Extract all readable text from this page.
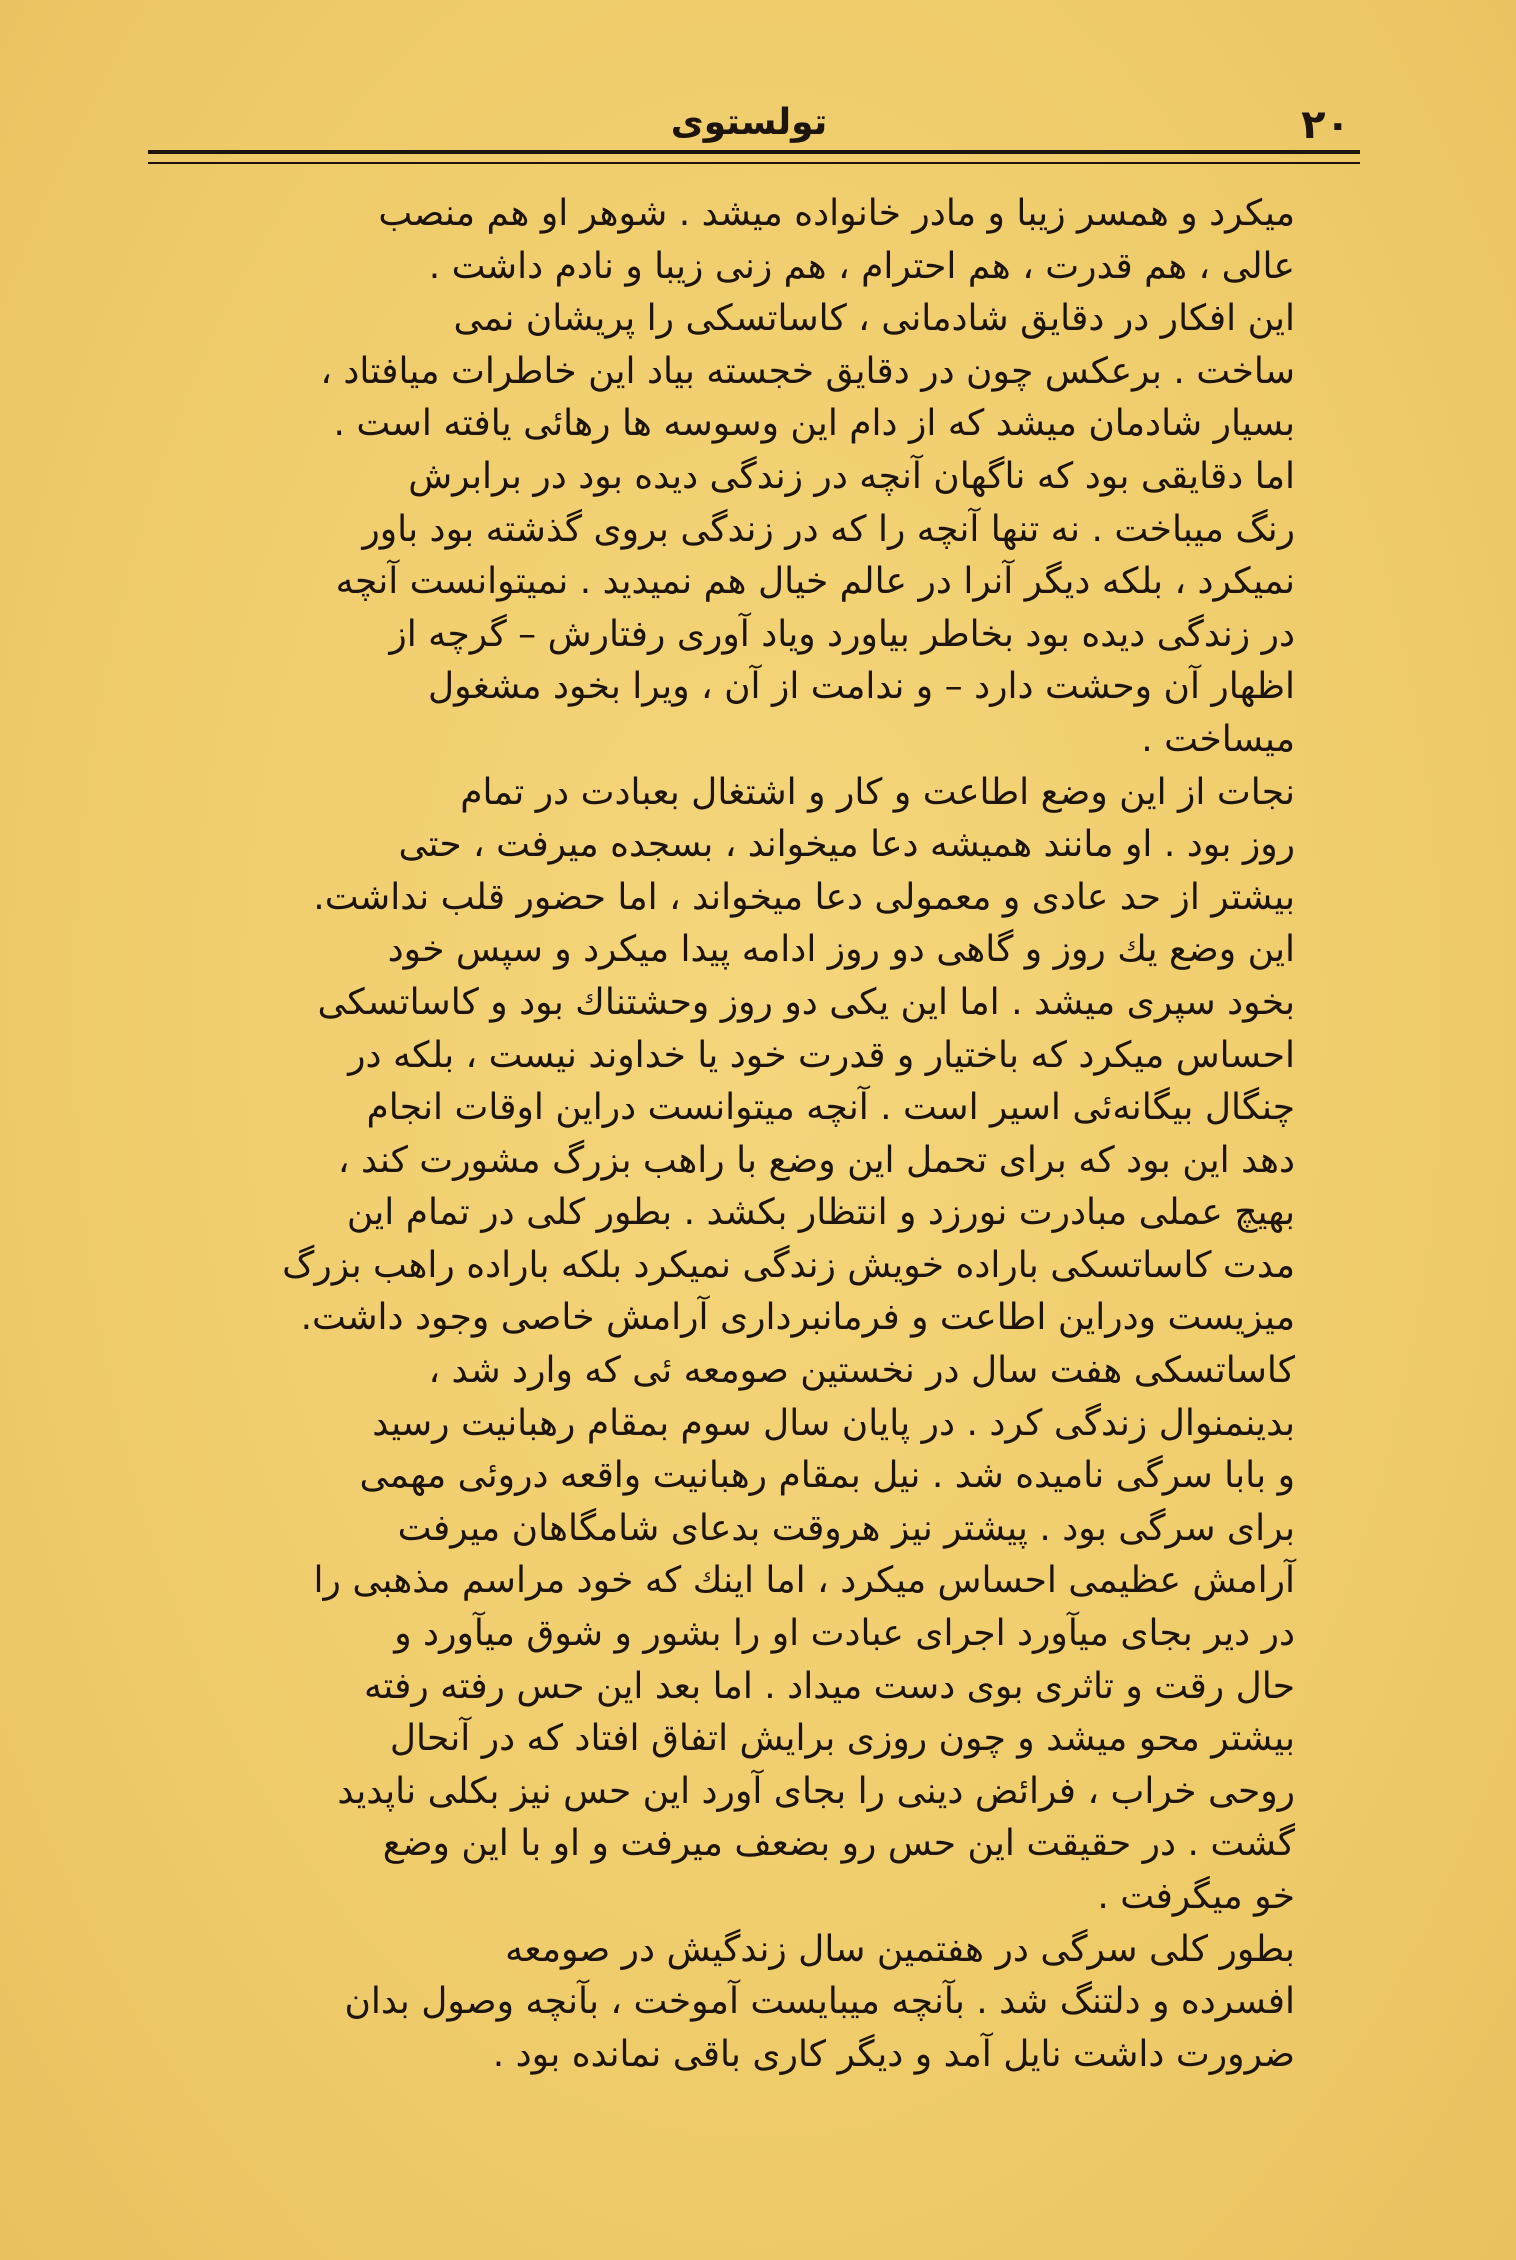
۲۰
تولستوی

میکرد و همسر زیبا و مادر خانواده میشد . شوهر او هم منصب
عالی ، هم قدرت ، هم احترام ، هم زنی زیبا و نادم داشت .

این افکار در دقایق شادمانی ، کاساتسکی را پریشان نمی
ساخت . برعکس چون در دقایق خجسته بیاد این خاطرات میافتاد ،
بسیار شادمان میشد که از دام این وسوسه ها رهائی یافته است .
اما دقایقی بود که ناگهان آنچه در زندگی دیده بود در برابرش
رنگ میباخت . نه تنها آنچه را که در زندگی بروی گذشته بود باور
نمیکرد ، بلکه دیگر آنرا در عالم خیال هم نمیدید . نمیتوانست آنچه
در زندگی دیده بود بخاطر بیاورد ویاد آوری رفتارش – گرچه از
اظهار آن وحشت دارد – و ندامت از آن ، ویرا بخود مشغول
میساخت .

نجات از این وضع اطاعت و کار و اشتغال بعبادت در تمام
روز بود . او مانند همیشه دعا میخواند ، بسجده میرفت ، حتی
بیشتر از حد عادی و معمولی دعا میخواند ، اما حضور قلب نداشت.
این وضع یك روز و گاهی دو روز ادامه پیدا میکرد و سپس خود
بخود سپری میشد . اما این یکی دو روز وحشتناك بود و کاساتسکی
احساس میکرد که باختیار و قدرت خود یا خداوند نیست ، بلکه در
چنگال بیگانه‌ئی اسیر است . آنچه میتوانست دراین اوقات انجام
دهد این بود که برای تحمل این وضع با راهب بزرگ مشورت کند ،
بهیچ عملی مبادرت نورزد و انتظار بکشد . بطور کلی در تمام این
مدت کاساتسکی باراده خویش زندگی نمیکرد بلکه باراده راهب بزرگ
میزیست ودراین اطاعت و فرمانبرداری آرامش خاصی وجود داشت.

کاساتسکی هفت سال در نخستین صومعه ئی که وارد شد ،
بدینمنوال زندگی کرد . در پایان سال سوم بمقام رهبانیت رسید
و بابا سرگی نامیده شد . نیل بمقام رهبانیت واقعه دروئی مهمی
برای سرگی بود . پیشتر نیز هروقت بدعای شامگاهان میرفت
آرامش عظیمی احساس میکرد ، اما اینك که خود مراسم مذهبی را
در دیر بجای میآورد اجرای عبادت او را بشور و شوق میآورد و
حال رقت و تاثری بوی دست میداد . اما بعد این حس رفته رفته
بیشتر محو میشد و چون روزی برایش اتفاق افتاد که در آنحال
روحی خراب ، فرائض دینی را بجای آورد این حس نیز بکلی ناپدید
گشت . در حقیقت این حس رو بضعف میرفت و او با این وضع
خو میگرفت .

بطور کلی سرگی در هفتمین سال زندگیش در صومعه
افسرده و دلتنگ شد . بآنچه میبایست آموخت ، بآنچه وصول بدان
ضرورت داشت نایل آمد و دیگر کاری باقی نمانده بود .
